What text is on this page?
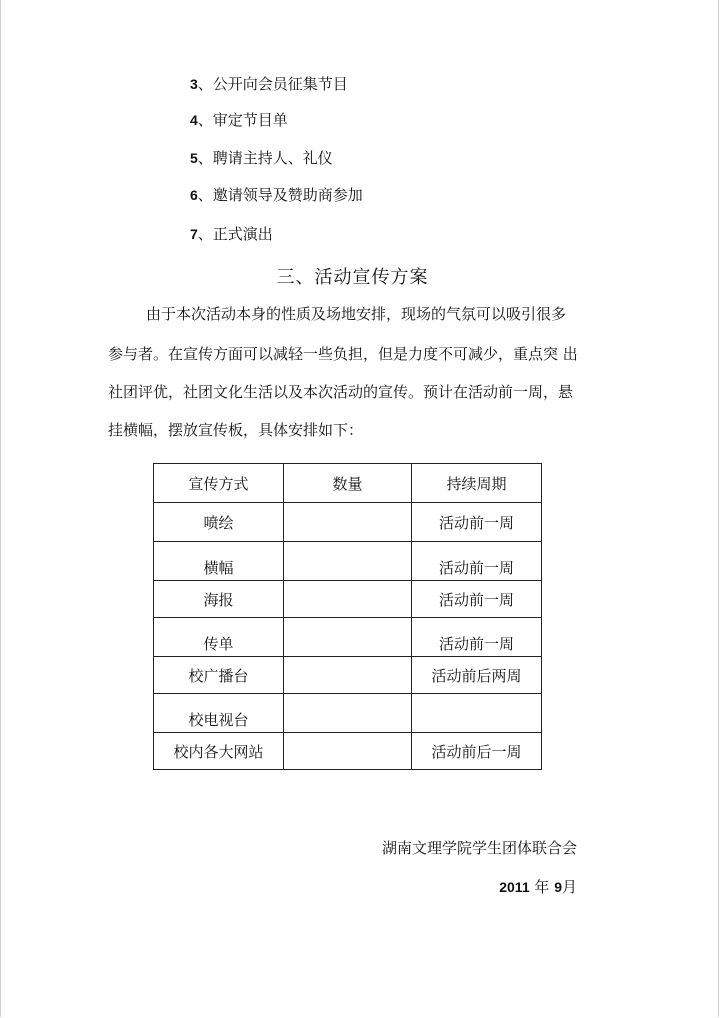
3、公开向会员征集节目
4、审定节目单
5、聘请主持人、礼仪
6、邀请领导及赞助商参加
7、正式演出
三、活动宣传方案
由于本次活动本身的性质及场地安排，现场的气氛可以吸引很多
参与者。在宣传方面可以减轻一些负担，但是力度不可减少，重点突 出
社团评优，社团文化生活以及本次活动的宣传。预计在活动前一周，悬
挂横幅，摆放宣传板，具体安排如下：
宣传方式	数量	持续周期
喷绘		活动前一周
横幅		活动前一周
海报		活动前一周
传单		活动前一周
校广播台		活动前后两周
校电视台		
校内各大网站		活动前后一周
湖南文理学院学生团体联合会
2011 年 9月
